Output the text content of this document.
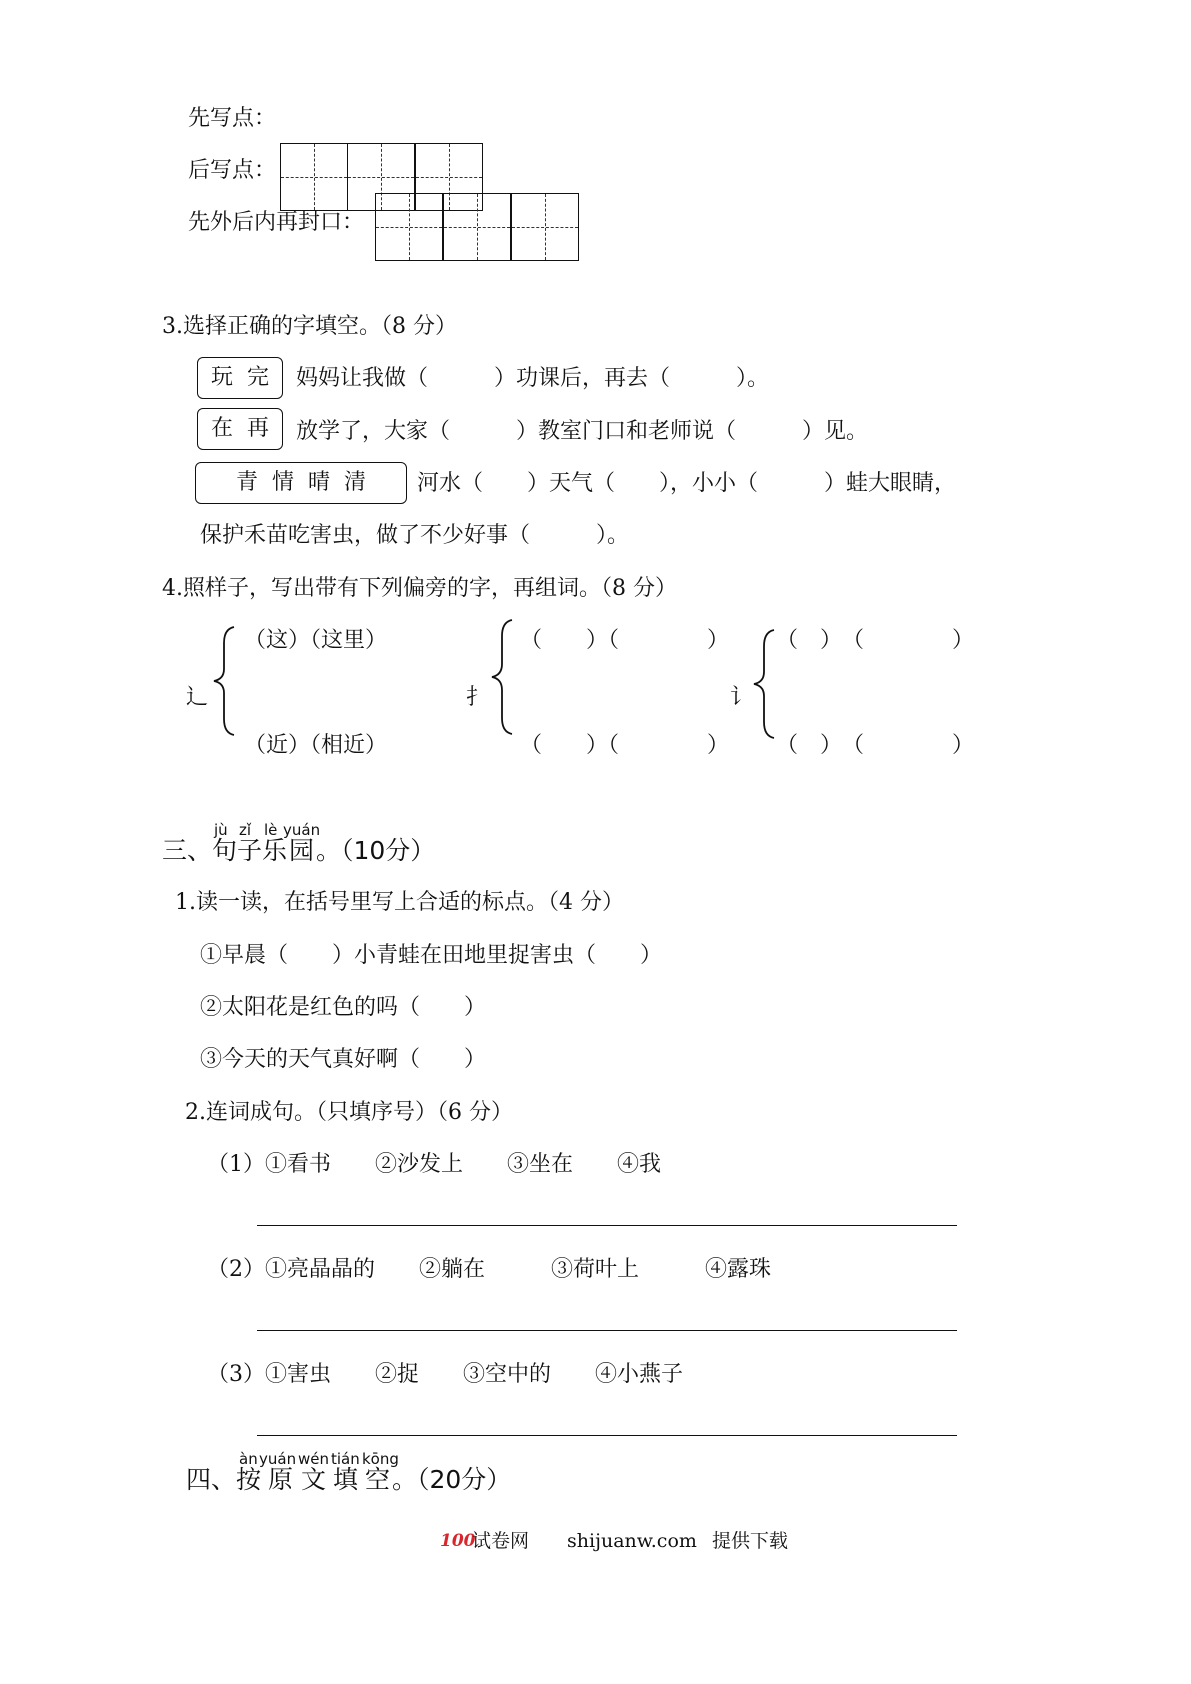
先写点：
后写点：
先外后内再封口：
3.选择正确的字填空。（8 分）
玩  完	妈妈让我做（　　　）功课后，再去（　　　）。
在  再	放学了，大家（　　　）教室门口和老师说（　　　）见。
青  情  晴  清	河水（　　）天气（　　），小小（　　　）蛙大眼睛，
保护禾苗吃害虫，做了不少好事（　　　）。
4.照样子，写出带有下列偏旁的字，再组词。（8 分）
辶
（这）（这里）
（近）（相近）
扌
（　　）（　　　　）
（　　）（　　　　）
讠
（　）　（　　　　）
（　）　（　　　　）
jù zǐ lè yuán
三、 句 子 乐 园 。（10分）
1.读一读，在括号里写上合适的标点。（4 分）
①早晨（　　）小青蛙在田地里捉害虫（　　）
②太阳花是红色的吗（　　）
③今天的天气真好啊（　　）
2.连词成句。（只填序号）（6 分）
（1）①看书　　②沙发上　　③坐在　　④我
（2）①亮晶晶的　　②躺在　　　③荷叶上　　　④露珠
（3）①害虫　　②捉　　③空中的　　④小燕子
àn yuán wén tián kōng
四、 按 原 文 填 空 。（20分）
100
试卷网 shijuanw.com 提供下载
